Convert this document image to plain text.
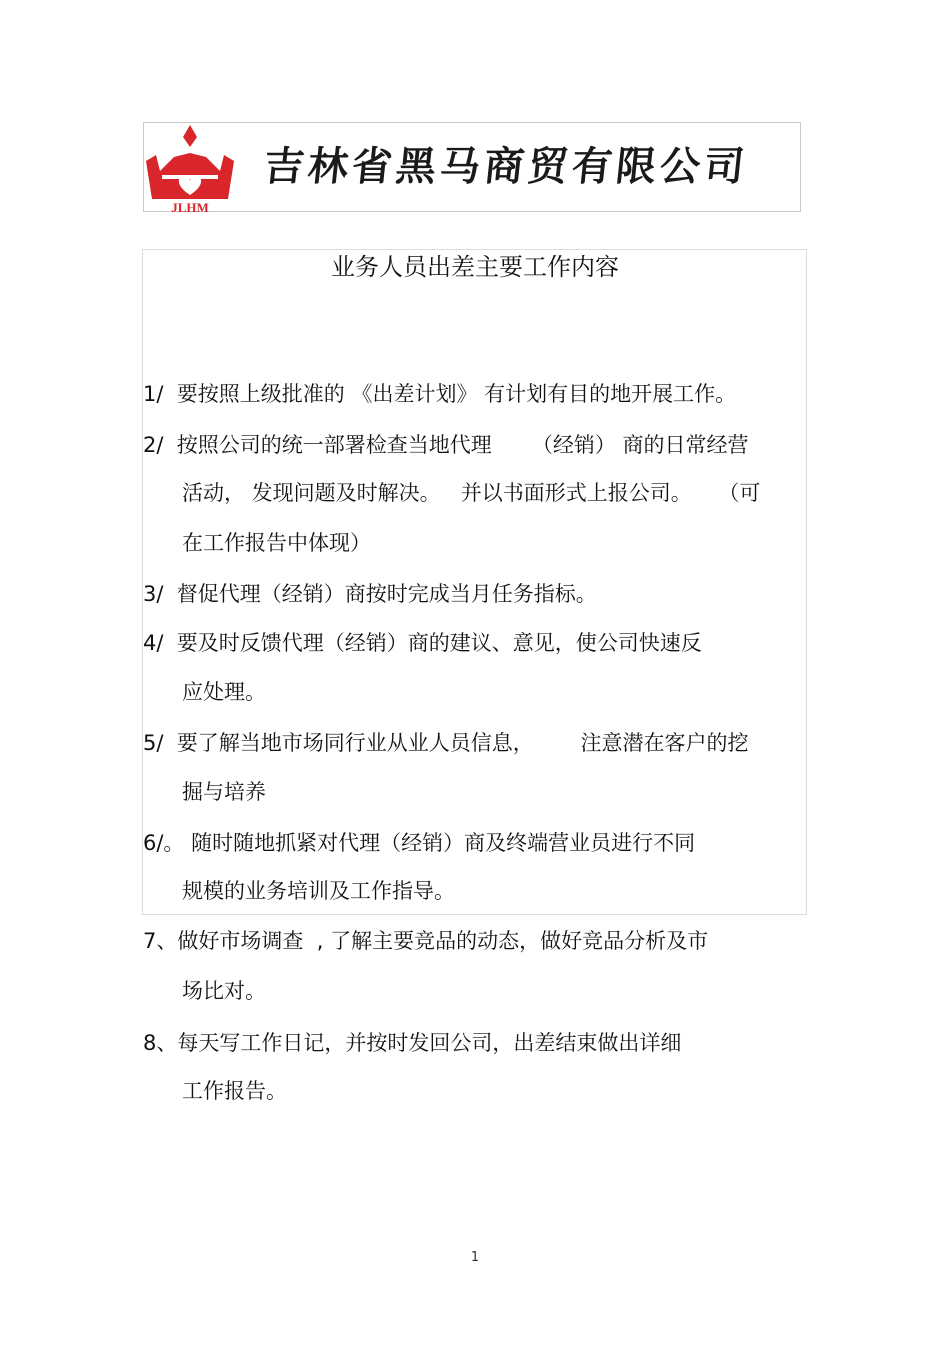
JLHM
吉林省黑马商贸有限公司
业务人员出差主要工作内容
1/ 要按照上级批准的 《出差计划》 有计划有目的地开展工作。
2/ 按照公司的统一部署检查当地代理      （经销） 商的日常经营
活动， 发现问题及时解决。   并以书面形式上报公司。    （可
在工作报告中体现）
3/ 督促代理（经销）商按时完成当月任务指标。
4/ 要及时反馈代理（经销）商的建议、意见，使公司快速反
应处理。
5/ 要了解当地市场同行业从业人员信息，       注意潜在客户的挖
掘与培养
6/。 随时随地抓紧对代理（经销）商及终端营业员进行不同
规模的业务培训及工作指导。
7、做好市场调查  , 了解主要竞品的动态，做好竞品分析及市
场比对。
8、每天写工作日记，并按时发回公司，出差结束做出详细
工作报告。
1
